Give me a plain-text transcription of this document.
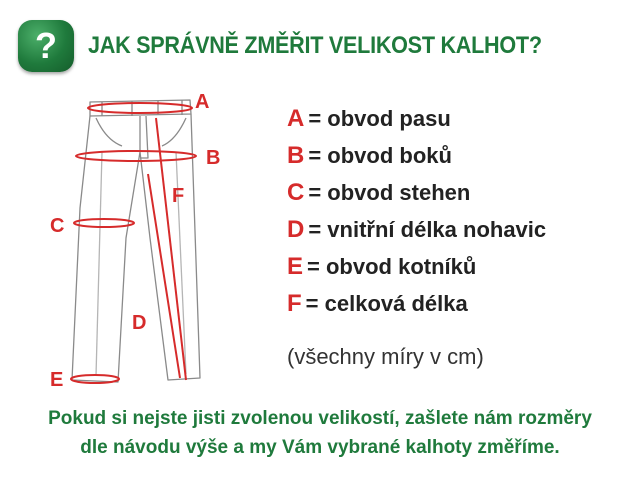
? JAK SPRÁVNĚ ZMĚŘIT VELIKOST KALHOT?
A
B
C
D
E
F
A = obvod pasu
B = obvod boků
C = obvod stehen
D = vnitřní délka nohavic
E = obvod kotníků
F = celková délka
(všechny míry v cm)
Pokud si nejste jisti zvolenou velikostí, zašlete nám rozměry
dle návodu výše a my Vám vybrané kalhoty změříme.
